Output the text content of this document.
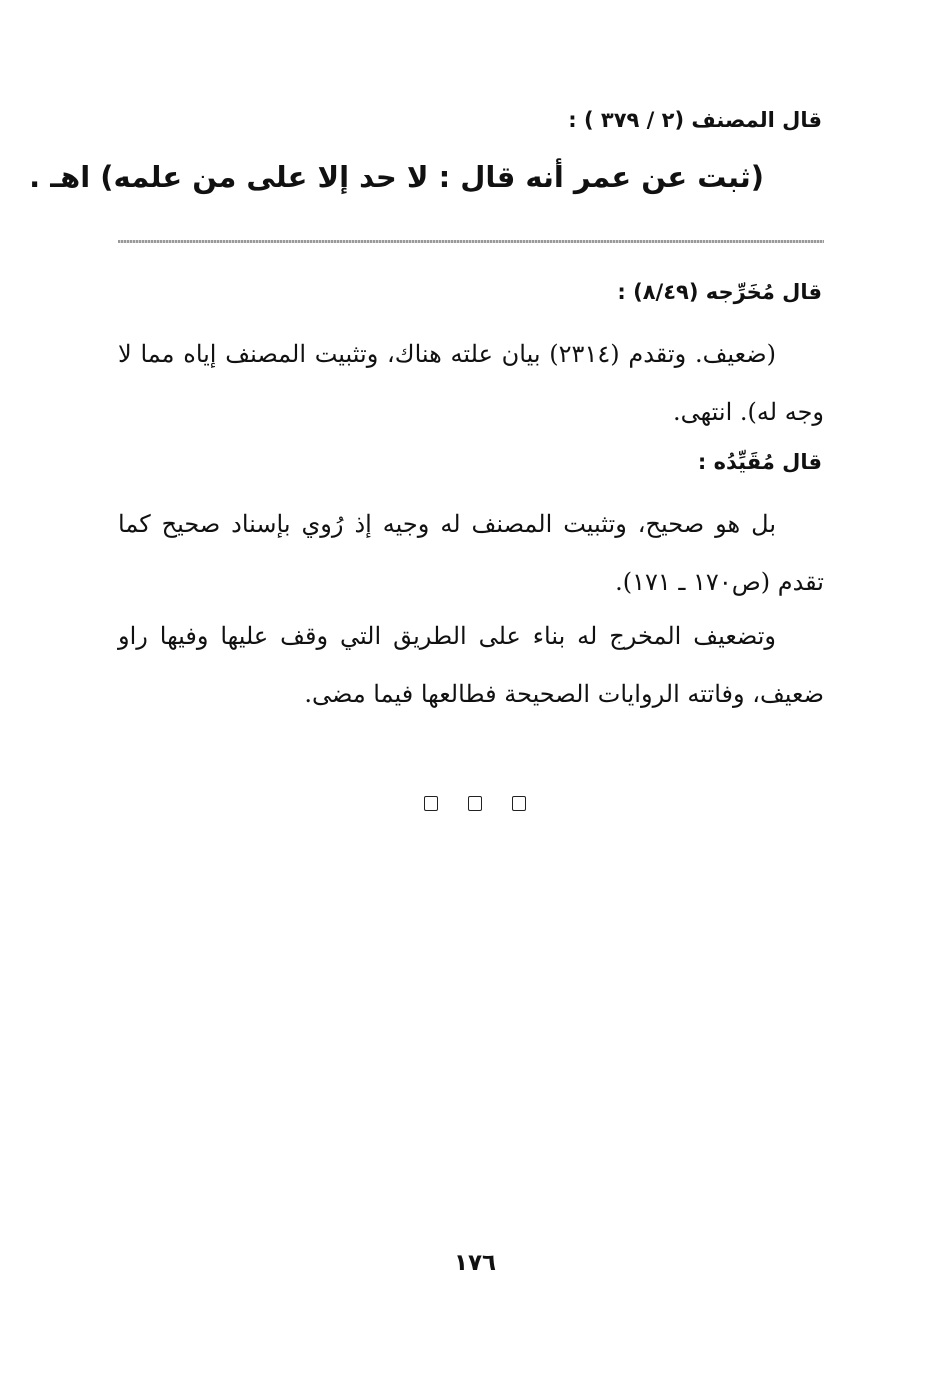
قال المصنف (٢ / ٣٧٩ ) :
(ثبت عن عمر أنه قال : لا حد إلا على من علمه) اهـ .
قال مُخَرِّجه (٨/٤٩) :
(ضعيف. وتقدم (٢٣١٤) بيان علته هناك، وتثبيت المصنف إياه مما لا وجه له). انتهى.
قال مُقَيِّدُه :
بل هو صحيح، وتثبيت المصنف له وجيه إذ رُوي بإسناد صحيح كما تقدم (ص١٧٠ ـ ١٧١).
وتضعيف المخرج له بناء على الطريق التي وقف عليها وفيها راو ضعيف، وفاتته الروايات الصحيحة فطالعها فيما مضى.
١٧٦
